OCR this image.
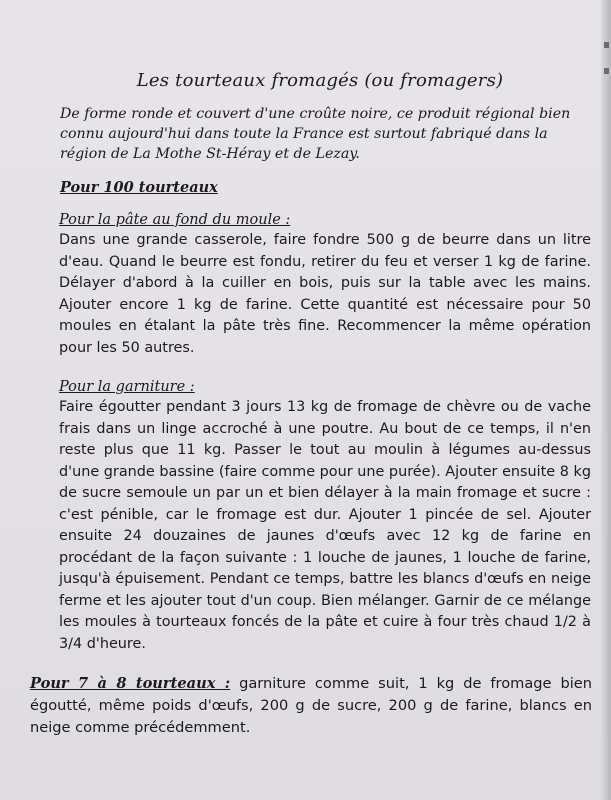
Les tourteaux fromagés (ou fromagers)
De forme ronde et couvert d'une croûte noire, ce produit régional bien connu aujourd'hui dans toute la France est surtout fabriqué dans la région de La Mothe St-Héray et de Lezay.
Pour 100 tourteaux
Pour la pâte au fond du moule :
Dans une grande casserole, faire fondre 500 g de beurre dans un litre d'eau. Quand le beurre est fondu, retirer du feu et verser 1 kg de farine. Délayer d'abord à la cuiller en bois, puis sur la table avec les mains. Ajouter encore 1 kg de farine. Cette quantité est nécessaire pour 50 moules en étalant la pâte très fine. Recommencer la même opération pour les 50 autres.
Pour la garniture :
Faire égoutter pendant 3 jours 13 kg de fromage de chèvre ou de vache frais dans un linge accroché à une poutre. Au bout de ce temps, il n'en reste plus que 11 kg. Passer le tout au moulin à légumes au-dessus d'une grande bassine (faire comme pour une purée). Ajouter ensuite 8 kg de sucre semoule un par un et bien délayer à la main fromage et sucre : c'est pénible, car le fromage est dur. Ajouter 1 pincée de sel. Ajouter ensuite 24 douzaines de jaunes d'œufs avec 12 kg de farine en procédant de la façon suivante : 1 louche de jaunes, 1 louche de farine, jusqu'à épuisement. Pendant ce temps, battre les blancs d'œufs en neige ferme et les ajouter tout d'un coup. Bien mélanger. Garnir de ce mélange les moules à tourteaux foncés de la pâte et cuire à four très chaud 1/2 à 3/4 d'heure.
Pour 7 à 8 tourteaux : garniture comme suit, 1 kg de fromage bien égoutté, même poids d'œufs, 200 g de sucre, 200 g de farine, blancs en neige comme précédemment.
